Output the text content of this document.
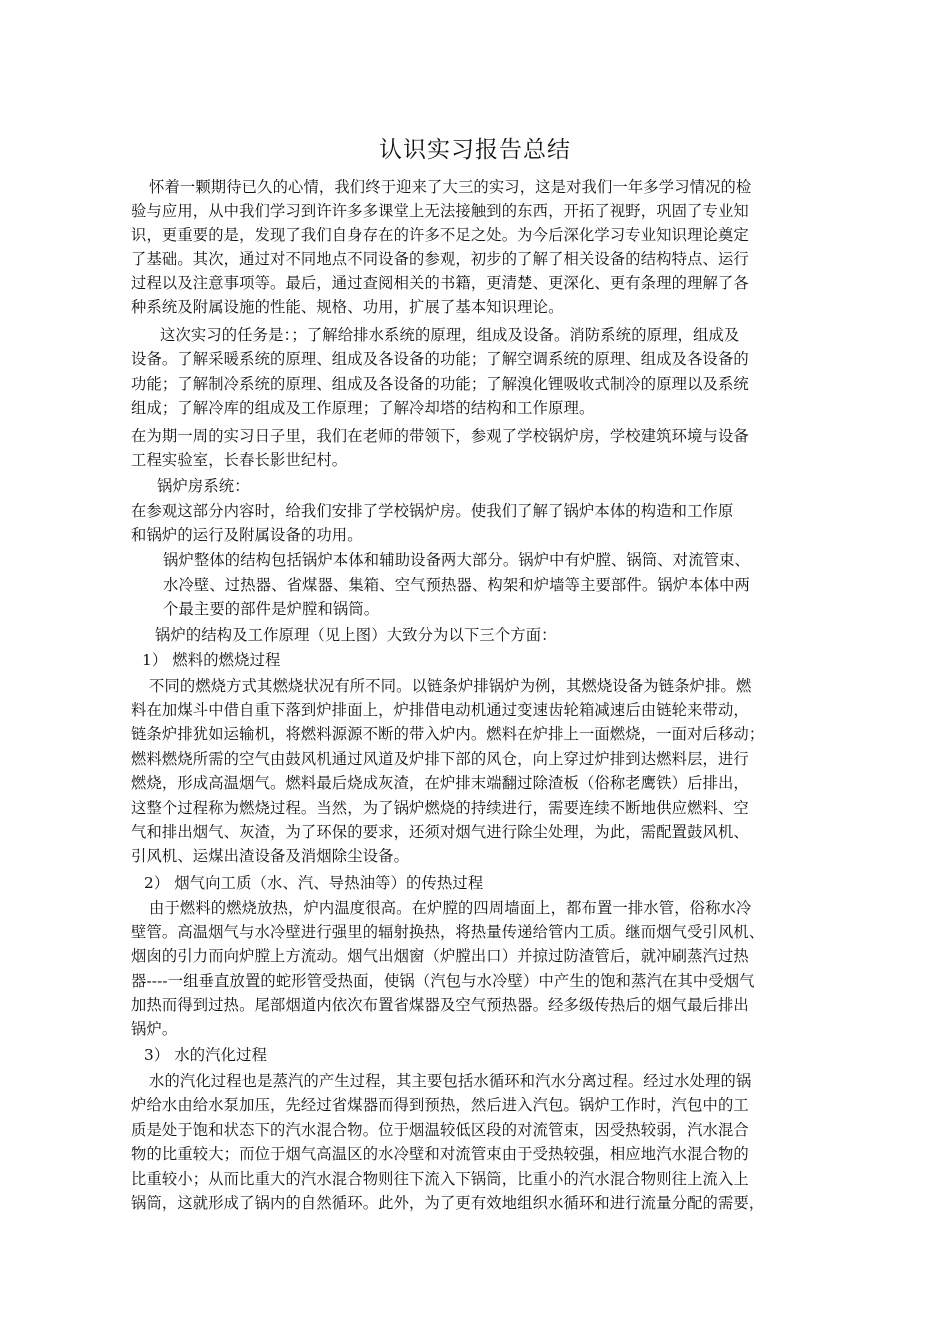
认识实习报告总结
怀着一颗期待已久的心情，我们终于迎来了大三的实习，这是对我们一年多学习情况的检
验与应用，从中我们学习到许许多多课堂上无法接触到的东西，开拓了视野，巩固了专业知
识，更重要的是，发现了我们自身存在的许多不足之处。为今后深化学习专业知识理论奠定
了基础。其次，通过对不同地点不同设备的参观，初步的了解了相关设备的结构特点、运行
过程以及注意事项等。最后，通过查阅相关的书籍，更清楚、更深化、更有条理的理解了各
种系统及附属设施的性能、规格、功用，扩展了基本知识理论。
这次实习的任务是：；了解给排水系统的原理，组成及设备。消防系统的原理，组成及
设备。了解采暖系统的原理、组成及各设备的功能；了解空调系统的原理、组成及各设备的
功能；了解制冷系统的原理、组成及各设备的功能；了解溴化锂吸收式制冷的原理以及系统
组成；了解冷库的组成及工作原理；了解冷却塔的结构和工作原理。
在为期一周的实习日子里，我们在老师的带领下，参观了学校锅炉房，学校建筑环境与设备
工程实验室，长春长影世纪村。
锅炉房系统：
在参观这部分内容时，给我们安排了学校锅炉房。使我们了解了锅炉本体的构造和工作原
和锅炉的运行及附属设备的功用。
锅炉整体的结构包括锅炉本体和辅助设备两大部分。锅炉中有炉膛、锅筒、对流管束、
水冷壁、过热器、省煤器、集箱、空气预热器、构架和炉墙等主要部件。锅炉本体中两
个最主要的部件是炉膛和锅筒。
锅炉的结构及工作原理（见上图）大致分为以下三个方面：
1） 燃料的燃烧过程
不同的燃烧方式其燃烧状况有所不同。以链条炉排锅炉为例，其燃烧设备为链条炉排。燃
料在加煤斗中借自重下落到炉排面上，炉排借电动机通过变速齿轮箱减速后由链轮来带动，
链条炉排犹如运输机，将燃料源源不断的带入炉内。燃料在炉排上一面燃烧，一面对后移动；
燃料燃烧所需的空气由鼓风机通过风道及炉排下部的风仓，向上穿过炉排到达燃料层，进行
燃烧，形成高温烟气。燃料最后烧成灰渣，在炉排末端翻过除渣板（俗称老鹰铁）后排出，
这整个过程称为燃烧过程。当然，为了锅炉燃烧的持续进行，需要连续不断地供应燃料、空
气和排出烟气、灰渣，为了环保的要求，还须对烟气进行除尘处理，为此，需配置鼓风机、
引风机、运煤出渣设备及消烟除尘设备。
2） 烟气向工质（水、汽、导热油等）的传热过程
由于燃料的燃烧放热，炉内温度很高。在炉膛的四周墙面上，都布置一排水管，俗称水冷
壁管。高温烟气与水冷壁进行强里的辐射换热，将热量传递给管内工质。继而烟气受引风机、
烟囱的引力而向炉膛上方流动。烟气出烟窗（炉膛出口）并掠过防渣管后，就冲刷蒸汽过热
器----一组垂直放置的蛇形管受热面，使锅（汽包与水冷壁）中产生的饱和蒸汽在其中受烟气
加热而得到过热。尾部烟道内依次布置省煤器及空气预热器。经多级传热后的烟气最后排出
锅炉。
3） 水的汽化过程
水的汽化过程也是蒸汽的产生过程，其主要包括水循环和汽水分离过程。经过水处理的锅
炉给水由给水泵加压，先经过省煤器而得到预热，然后进入汽包。锅炉工作时，汽包中的工
质是处于饱和状态下的汽水混合物。位于烟温较低区段的对流管束，因受热较弱，汽水混合
物的比重较大；而位于烟气高温区的水冷壁和对流管束由于受热较强，相应地汽水混合物的
比重较小；从而比重大的汽水混合物则往下流入下锅筒，比重小的汽水混合物则往上流入上
锅筒，这就形成了锅内的自然循环。此外，为了更有效地组织水循环和进行流量分配的需要，
